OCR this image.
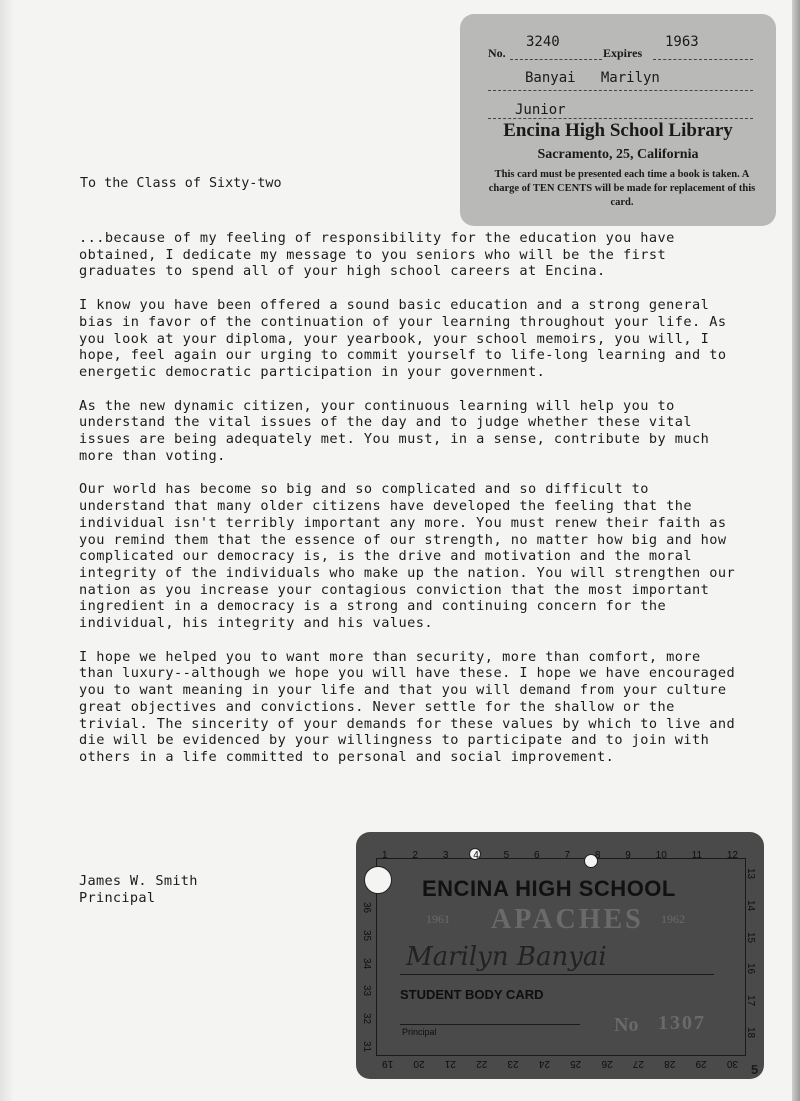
No.
3240
Expires
1963
Banyai   Marilyn
Junior
Encina High School Library
Sacramento, 25, California
This card must be presented each time a book is taken. A charge of TEN CENTS will be made for replacement of this card.
To the Class of Sixty-two

...because of my feeling of responsibility for the education you have obtained, I dedicate my message to you seniors who will be the first graduates to spend all of your high school careers at Encina.

I know you have been offered a sound basic education and a strong general bias in favor of the continuation of your learning throughout your life. As you look at your diploma, your yearbook, your school memoirs, you will, I hope, feel again our urging to commit yourself to life-long learning and to energetic democratic participation in your government.

As the new dynamic citizen, your continuous learning will help you to understand the vital issues of the day and to judge whether these vital issues are being adequately met. You must, in a sense, contribute by much more than voting.

Our world has become so big and so complicated and so difficult to understand that many older citizens have developed the feeling that the individual isn't terribly important any more. You must renew their faith as you remind them that the essence of our strength, no matter how big and how complicated our democracy is, is the drive and motivation and the moral integrity of the individuals who make up the nation. You will strengthen our nation as you increase your contagious conviction that the most important ingredient in a democracy is a strong and continuing concern for the individual, his integrity and his values.

I hope we helped you to want more than security, more than comfort, more than luxury--although we hope you will have these. I hope we have encouraged you to want meaning in your life and that you will demand from your culture great objectives and convictions. Never settle for the shallow or the trivial. The sincerity of your demands for these values by which to live and die will be evidenced by your willingness to participate and to join with others in a life committed to personal and social improvement.

James W. Smith
Principal
1 2 3 4 5 6 7 8 9 10 11 12
13
14
15
16
17
18
30
29
28
27
26
25
24
23
22
21
20
19
36
35
34
33
32
31
ENCINA HIGH SCHOOL
1961 APACHES 1962
Marilyn Banyai
STUDENT BODY CARD
Principal	No 1307
5
